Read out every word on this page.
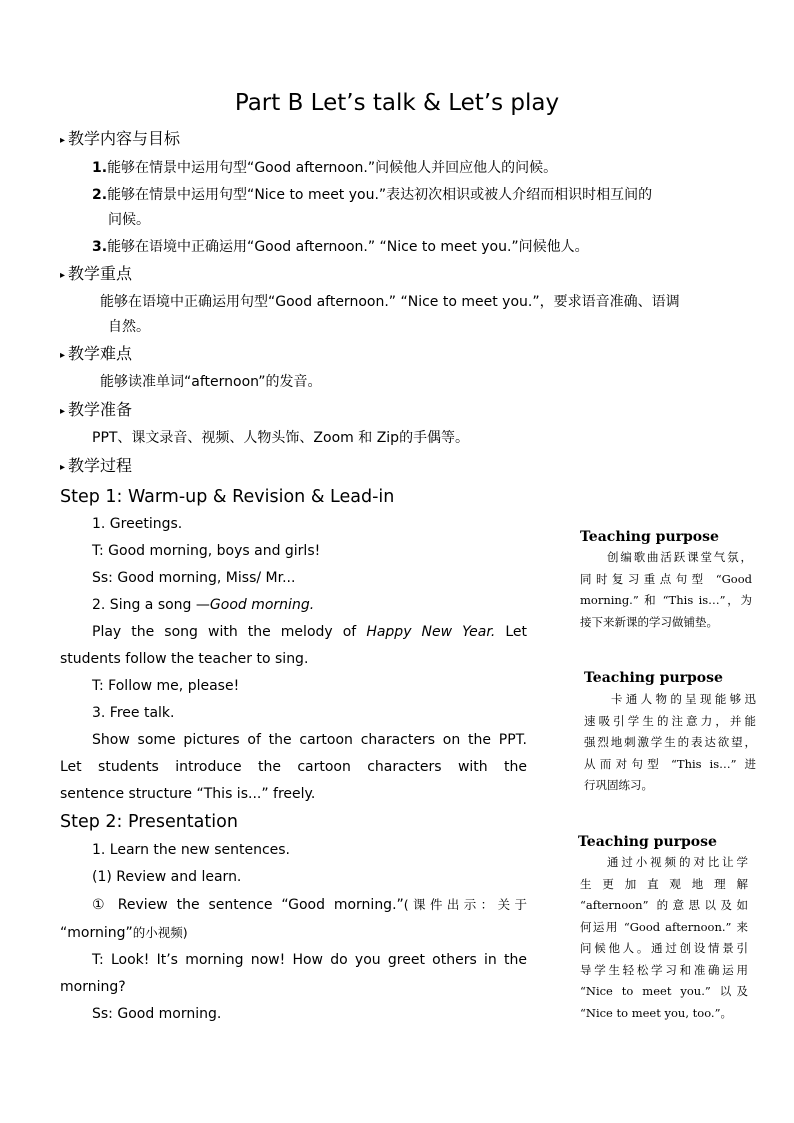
Part B Let’s talk & Let’s play
▸ 教学内容与目标
1.能够在情景中运用句型“Good afternoon.”问候他人并回应他人的问候。
2.能够在情景中运用句型“Nice to meet you.”表达初次相识或被人介绍而相识时相互间的
问候。
3.能够在语境中正确运用“Good afternoon.” “Nice to meet you.”问候他人。
▸ 教学重点
能够在语境中正确运用句型“Good afternoon.” “Nice to meet you.”，要求语音准确、语调
自然。
▸ 教学难点
能够读准单词“afternoon”的发音。
▸ 教学准备
PPT、课文录音、视频、人物头饰、Zoom 和 Zip的手偶等。
▸ 教学过程
Step 1: Warm-up & Revision & Lead-in

1. Greetings.

T: Good morning, boys and girls!

Ss: Good morning, Miss/ Mr...

2. Sing a song —Good morning.

Play the song with the melody of Happy New Year. Let

students follow the teacher to sing.

T: Follow me, please!

3. Free talk.

Show some pictures of the cartoon characters on the PPT.

Let students introduce the cartoon characters with the

sentence structure “This is...” freely.

Step 2: Presentation

1. Learn the new sentences.

(1) Review and learn.

① Review the sentence “Good morning.”(课件出示：关于

“morning”的小视频)

T: Look! It’s morning now! How do you greet others in the

morning?

Ss: Good morning.

Teaching purpose

创编歌曲活跃课堂气氛，

同时复习重点句型 “Good

morning.” 和 “This is…”，为

接下来新课的学习做铺垫。

Teaching purpose

卡通人物的呈现能够迅

速吸引学生的注意力，并能

强烈地刺激学生的表达欲望，

从而对句型 “This is…” 进

行巩固练习。

Teaching purpose

通过小视频的对比让学

生 更 加 直 观 地 理 解

“afternoon” 的意思以及如

何运用 “Good afternoon.” 来

问候他人。通过创设情景引

导学生轻松学习和准确运用

“Nice to meet you.” 以及

“Nice to meet you, too.”。
